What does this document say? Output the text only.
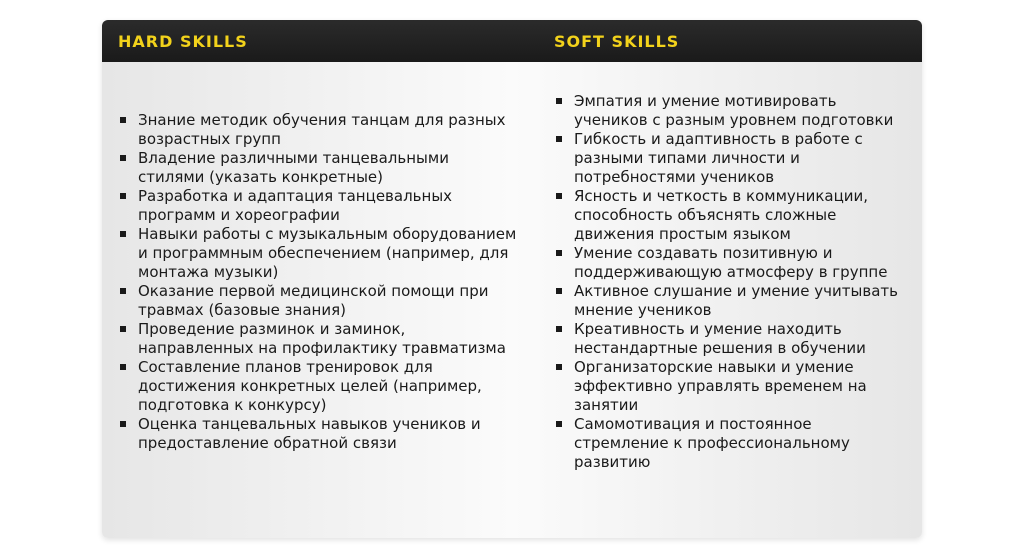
HARD SKILLS	SOFT SKILLS
Знание методик обучения танцам для разных возрастных групп
Владение различными танцевальными стилями (указать конкретные)
Разработка и адаптация танцевальных программ и хореографии
Навыки работы с музыкальным оборудованием и программным обеспечением (например, для монтажа музыки)
Оказание первой медицинской помощи при травмах (базовые знания)
Проведение разминок и заминок, направленных на профилактику травматизма
Составление планов тренировок для достижения конкретных целей (например, подготовка к конкурсу)
Оценка танцевальных навыков учеников и предоставление обратной связи
Эмпатия и умение мотивировать учеников с разным уровнем подготовки
Гибкость и адаптивность в работе с разными типами личности и потребностями учеников
Ясность и четкость в коммуникации, способность объяснять сложные движения простым языком
Умение создавать позитивную и поддерживающую атмосферу в группе
Активное слушание и умение учитывать мнение учеников
Креативность и умение находить нестандартные решения в обучении
Организаторские навыки и умение эффективно управлять временем на занятии
Самомотивация и постоянное стремление к профессиональному развитию
